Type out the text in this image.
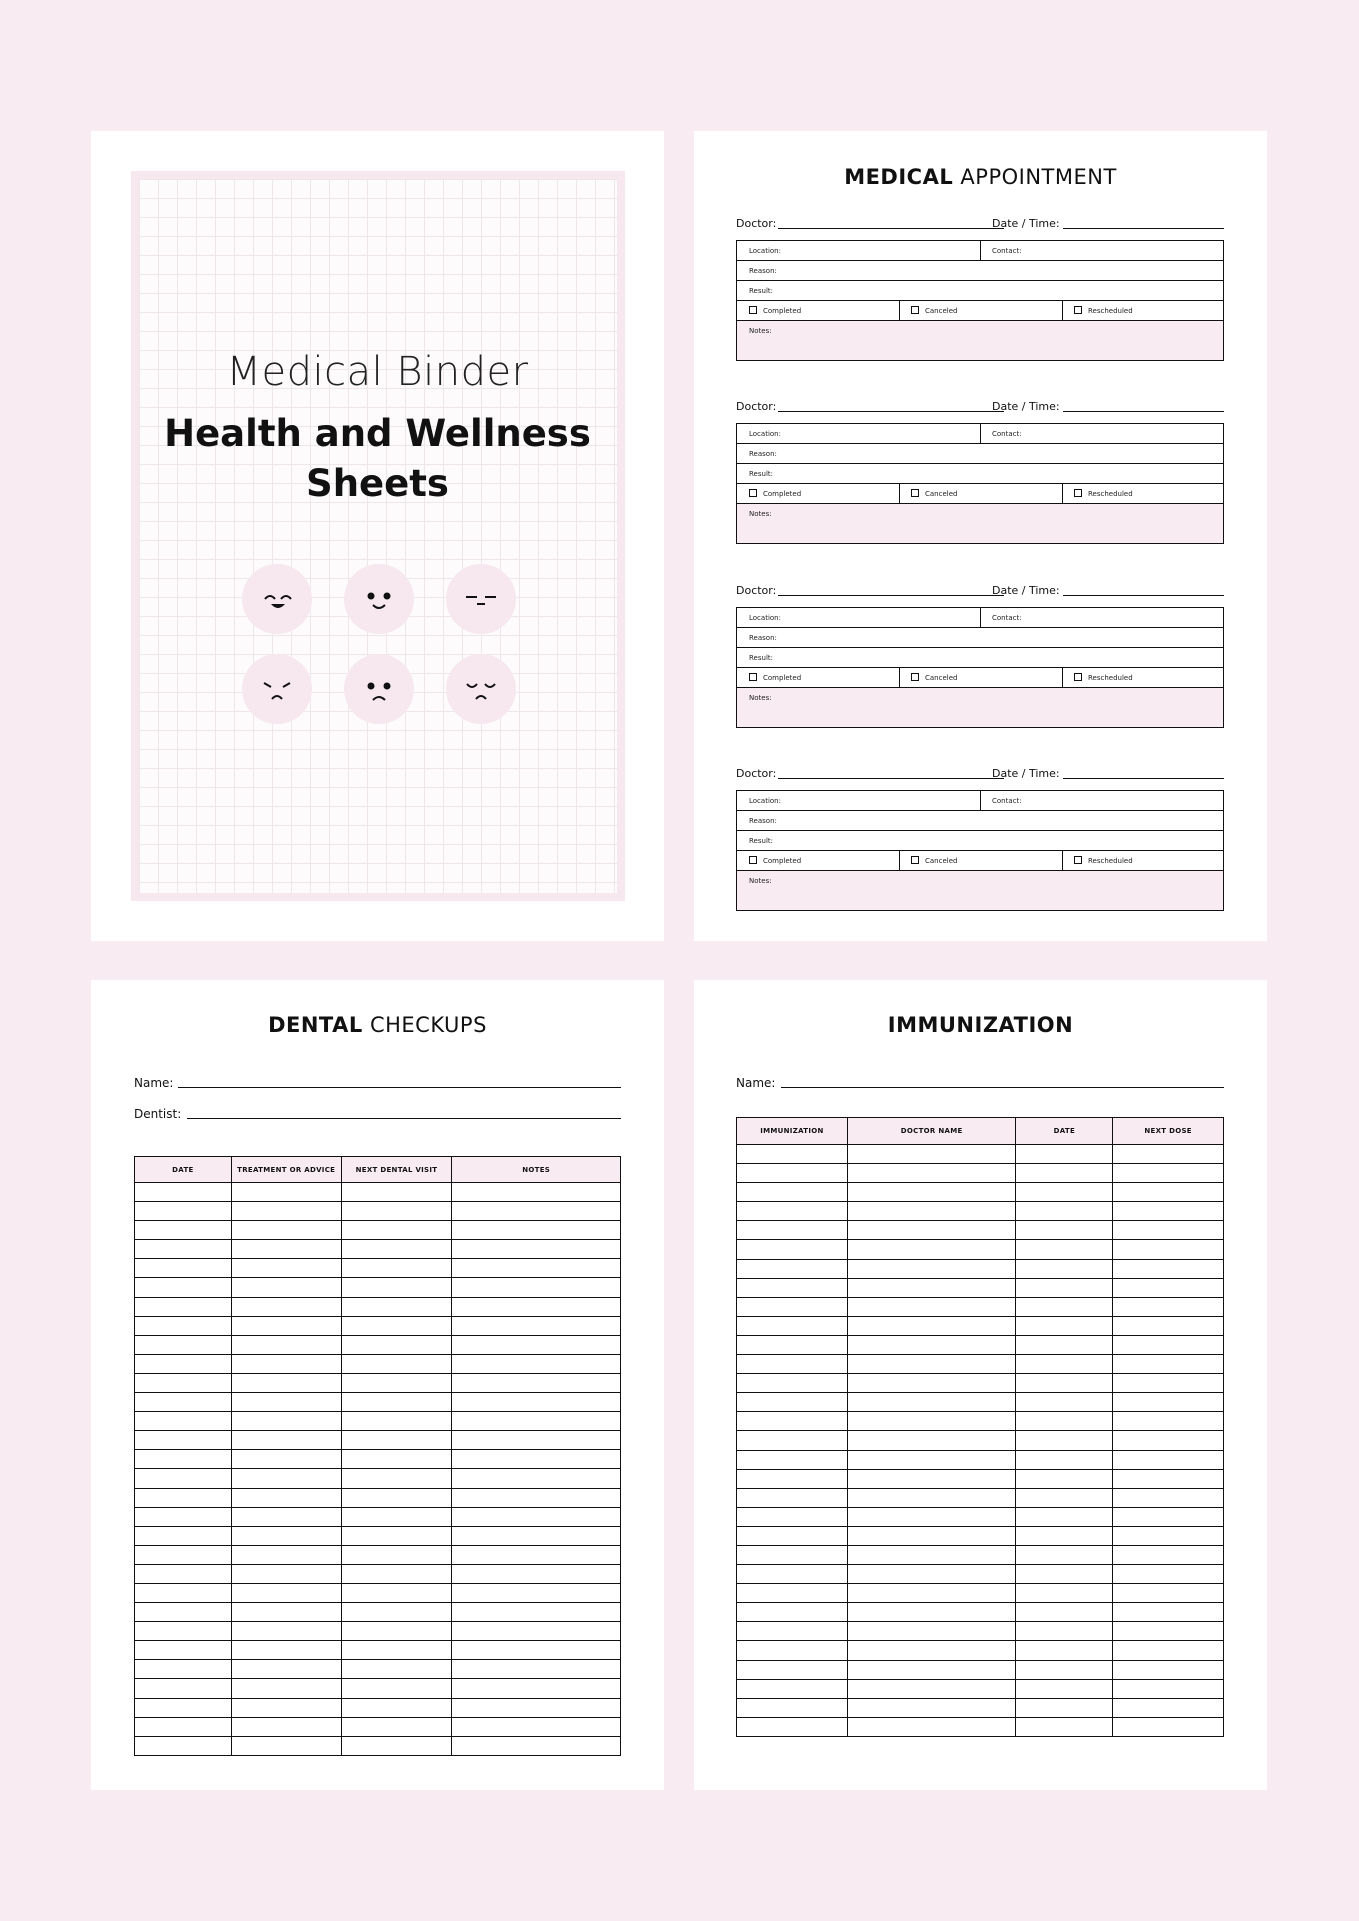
Medical Binder
Health and Wellness
Sheets
MEDICAL APPOINTMENT
Doctor:	Date / Time:
Location:	Contact:
Reason:
Result:
Completed	Canceled	Rescheduled
Notes:
Doctor:	Date / Time:
Location:	Contact:
Reason:
Result:
Completed	Canceled	Rescheduled
Notes:
Doctor:	Date / Time:
Location:	Contact:
Reason:
Result:
Completed	Canceled	Rescheduled
Notes:
Doctor:	Date / Time:
Location:	Contact:
Reason:
Result:
Completed	Canceled	Rescheduled
Notes:
DENTAL CHECKUPS
Name:
Dentist:
DATE	TREATMENT OR ADVICE	NEXT DENTAL VISIT	NOTES

IMMUNIZATION
Name:
IMMUNIZATION	DOCTOR NAME	DATE	NEXT DOSE
